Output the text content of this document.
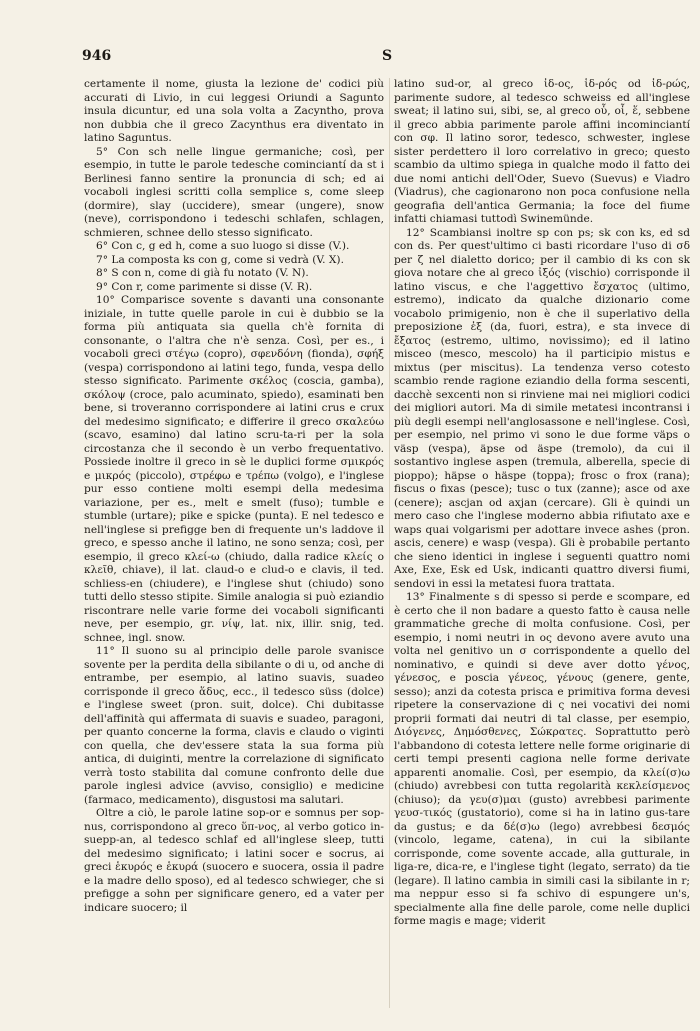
946	S

certamente il nome, giusta la lezione de' codici più accurati di Livio, in cui leggesi Oriundi a Sagunto insula dicuntur, ed una sola volta a Zacyntho, prova non dubbia che il greco Zacynthus era diventato in latino Saguntus.

5° Con sch nelle lingue germaniche; così, per esempio, in tutte le parole tedesche cominciantí da st i Berlinesi fanno sentire la pronuncia di sch; ed ai vocaboli inglesi scritti colla semplice s, come sleep (dormire), slay (uccidere), smear (ungere), snow (neve), corrispondono i tedeschi schlafen, schlagen, schmieren, schnee dello stesso significato.

6° Con c, g ed h, come a suo luogo si disse (V.).

7° La composta ks con g, come si vedrà (V. X).

8° S con n, come di già fu notato (V. N).

9° Con r, come parimente si disse (V. R).

10° Comparisce sovente s davanti una consonante iniziale, in tutte quelle parole in cui è dubbio se la forma più antiquata sia quella ch'è fornita di consonante, o l'altra che n'è senza. Così, per es., i vocaboli greci στέγω (copro), σφενδόνη (fionda), σφήξ (vespa) corrispondono ai latini tego, funda, vespa dello stesso significato. Parimente σκέλος (coscia, gamba), σκόλοψ (croce, palo acuminato, spiedo), esaminati ben bene, si troveranno corrispondere ai latini crus e crux del medesimo significato; e differire il greco σκαλεύω (scavo, esamino) dal latino scru-ta-ri per la sola circostanza che il secondo è un verbo frequentativo. Possiede inoltre il greco in sè le duplici forme σμικρός e μικρός (piccolo), στρέφω e τρέπω (volgo), e l'inglese pur esso contiene molti esempi della medesima variazione, per es., melt e smelt (fuso); tumble e stumble (urtare); pike e spicke (punta). E nel tedesco e nell'inglese si prefigge ben di frequente un's laddove il greco, e spesso anche il latino, ne sono senza; così, per esempio, il greco κλεί-ω (chiudo, dalla radice κλείς o κλεῖθ, chiave), il lat. claud-o e clud-o e clavis, il ted. schliess-en (chiudere), e l'inglese shut (chiudo) sono tutti dello stesso stipite. Simile analogia si può eziandio riscontrare nelle varie forme dei vocaboli significanti neve, per esempio, gr. νίψ, lat. nix, illir. snig, ted. schnee, ingl. snow.

11° Il suono su al principio delle parole svanisce sovente per la perdita della sibilante o di u, od anche di entrambe, per esempio, al latino suavis, suadeo corrisponde il greco ἅδυς, ecc., il tedesco süss (dolce) e l'inglese sweet (pron. suit, dolce). Chi dubitasse dell'affinità qui affermata di suavis e suadeo, paragoni, per quanto concerne la forma, clavis e claudo o viginti con quella, che dev'essere stata la sua forma più antica, di duiginti, mentre la correlazione di significato verrà tosto stabilita dal comune confronto delle due parole inglesi advice (avviso, consiglio) e medicine (farmaco, medicamento), disgustosi ma salutari.

Oltre a ciò, le parole latine sop-or e somnus per sop-nus, corrispondono al greco ὕπ-νος, al verbo gotico in-suepp-an, al tedesco schlaf ed all'inglese sleep, tutti del medesimo significato; i latini socer e socrus, ai greci ἑκυρός e ἑκυρά (suocero e suocera, ossia il padre e la madre dello sposo), ed al tedesco schwieger, che si prefigge a sohn per significare genero, ed a vater per indicare suocero; il

latino sud-or, al greco ἰδ-ος, ἱδ-ρός od ἱδ-ρώς, parimente sudore, al tedesco schweiss ed all'inglese sweat; il latino sui, sibi, se, al greco οὗ, οἷ, ἕ, sebbene il greco abbia parimente parole affini incominciantí con σφ. Il latino soror, tedesco, schwester, inglese sister perdettero il loro correlativo in greco; questo scambio da ultimo spiega in qualche modo il fatto dei due nomi antichi dell'Oder, Suevo (Suevus) e Viadro (Viadrus), che cagionarono non poca confusione nella geografia dell'antica Germania; la foce del fiume infatti chiamasi tuttodì Swinemünde.

12° Scambiansi inoltre sp con ps; sk con ks, ed sd con ds. Per quest'ultimo ci basti ricordare l'uso di σδ per ζ nel dialetto dorico; per il cambio di ks con sk giova notare che al greco ἰξός (vischio) corrisponde il latino viscus, e che l'aggettivo ἔσχατος (ultimo, estremo), indicato da qualche dizionario come vocabolo primigenio, non è che il superlativo della preposizione ἐξ (da, fuori, estra), e sta invece di ἔξατος (estremo, ultimo, novissimo); ed il latino misceo (mesco, mescolo) ha il participio mistus e mixtus (per miscitus). La tendenza verso cotesto scambio rende ragione eziandio della forma sescenti, dacchè sexcenti non si rinviene mai nei migliori codici dei migliori autori. Ma di simile metatesi incontransi i più degli esempi nell'anglosassone e nell'inglese. Così, per esempio, nel primo vi sono le due forme väps o väsp (vespa), äpse od äspe (tremolo), da cui il sostantivo inglese aspen (tremula, alberella, specie di pioppo); häpse o häspe (toppa); frosc o frox (rana); fiscus o fixas (pesce); tusc o tux (zanne); asce od axe (cenere); ascjan od axjan (cercare). Gli è quindi un mero caso che l'inglese moderno abbia rifiutato axe e waps quai volgarismi per adottare invece ashes (pron. ascis, cenere) e wasp (vespa). Gli è probabile pertanto che sieno identici in inglese i seguenti quattro nomi Axe, Exe, Esk ed Usk, indicanti quattro diversi fiumi, sendovi in essi la metatesi fuora trattata.

13° Finalmente s di spesso si perde e scompare, ed è certo che il non badare a questo fatto è causa nelle grammatiche greche di molta confusione. Così, per esempio, i nomi neutri in ος devono avere avuto una volta nel genitivo un σ corrispondente a quello del nominativo, e quindi si deve aver dotto γένος, γένεσος, e poscia γένεος, γένους (genere, gente, sesso); anzi da cotesta prisca e primitiva forma devesi ripetere la conservazione di ς nei vocativi dei nomi proprii formati dai neutri di tal classe, per esempio, Διόγενες, Δημόσθενες, Σώκρατες. Soprattutto però l'abbandono di cotesta lettere nelle forme originarie di certi tempi presenti cagiona nelle forme derivate apparenti anomalie. Così, per esempio, da κλεί(σ)ω (chiudo) avrebbesi con tutta regolarità κεκλείσμενος (chiuso); da γευ(σ)μαι (gusto) avrebbesi parimente γευσ-τικός (gustatorio), come si ha in latino gus-tare da gustus; e da δέ(σ)ω (lego) avrebbesi δεσμός (vincolo, legame, catena), in cui la sibilante corrisponde, come sovente accade, alla gutturale, in liga-re, dica-re, e l'inglese tight (legato, serrato) da tie (legare). Il latino cambia in simili casi la sibilante in r; ma neppur esso si fa schivo di espungere un's, specialmente alla fine delle parole, come nelle duplici forme magis e mage; viderit
